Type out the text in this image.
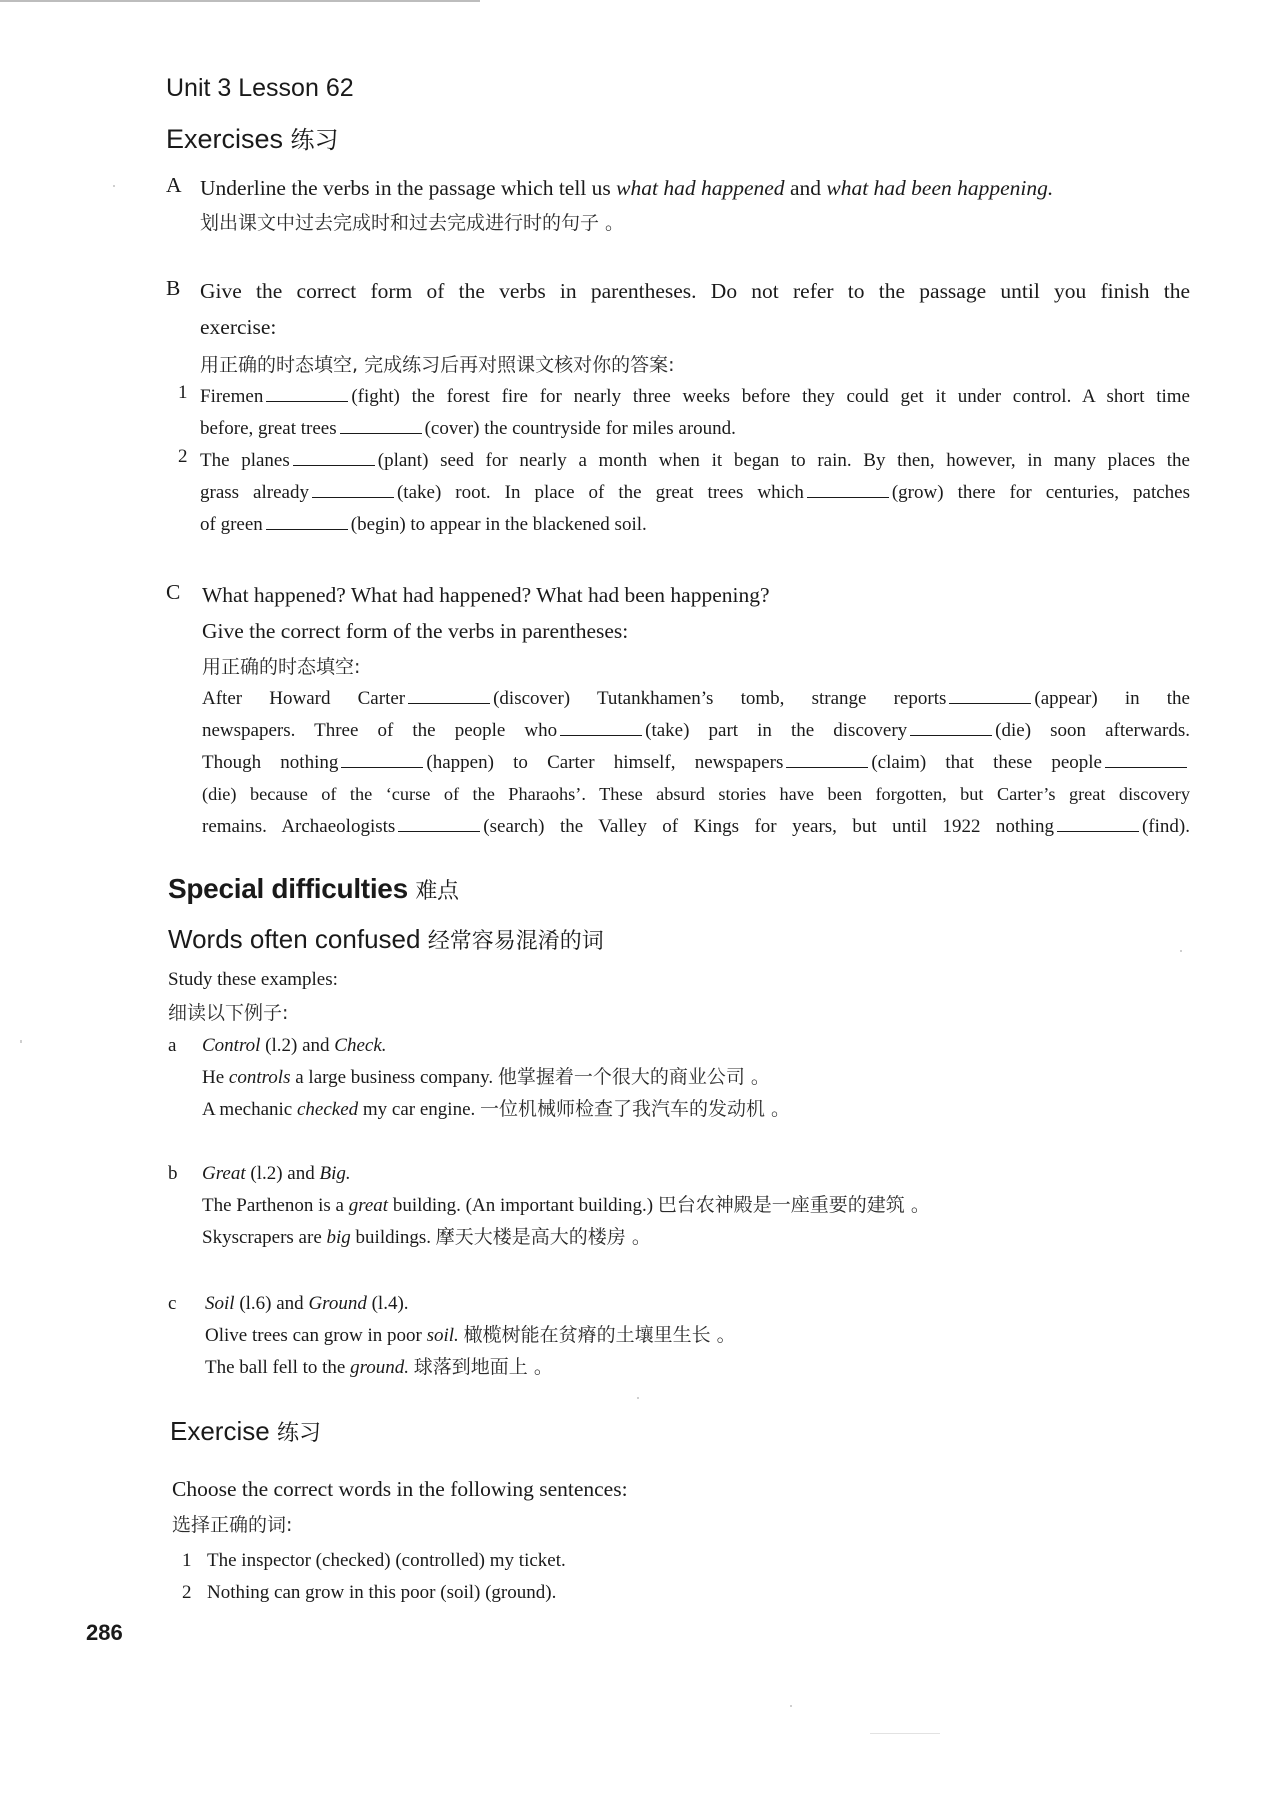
Unit 3 Lesson 62
Exercises 练习
A Underline the verbs in the passage which tell us what had happened and what had been happening.
划出课文中过去完成时和过去完成进行时的句子 。
B Give the correct form of the verbs in parentheses. Do not refer to the passage until you finish the
exercise:
用正确的时态填空, 完成练习后再对照课文核对你的答案:
1 Firemen	(fight) the forest fire for nearly three weeks before they could get it under control. A short time
before, great trees	(cover) the countryside for miles around.
2 The planes	(plant) seed for nearly a month when it began to rain. By then, however, in many places the
grass already	(take) root. In place of the great trees which	(grow) there for centuries, patches
of green	(begin) to appear in the blackened soil.
C What happened? What had happened? What had been happening?
Give the correct form of the verbs in parentheses:
用正确的时态填空:
After Howard Carter	(discover) Tutankhamen’s tomb, strange reports	(appear) in the
newspapers. Three of the people who	(take) part in the discovery	(die) soon afterwards.
Though nothing	(happen) to Carter himself, newspapers	(claim) that these people
(die) because of the ‘curse of the Pharaohs’. These absurd stories have been forgotten, but Carter’s great discovery
remains. Archaeologists	(search) the Valley of Kings for years, but until 1922 nothing	(find).
Special difficulties 难点
Words often confused 经常容易混淆的词
Study these examples:
细读以下例子:
a Control (l.2) and Check.
He controls a large business company. 他掌握着一个很大的商业公司 。
A mechanic checked my car engine. 一位机械师检查了我汽车的发动机 。
b Great (l.2) and Big.
The Parthenon is a great building. (An important building.) 巴台农神殿是一座重要的建筑 。
Skyscrapers are big buildings. 摩天大楼是高大的楼房 。
c Soil (l.6) and Ground (l.4).
Olive trees can grow in poor soil. 橄榄树能在贫瘠的土壤里生长 。
The ball fell to the ground. 球落到地面上 。
Exercise 练习
Choose the correct words in the following sentences:
选择正确的词:
1 The inspector (checked) (controlled) my ticket.
2 Nothing can grow in this poor (soil) (ground).
286
